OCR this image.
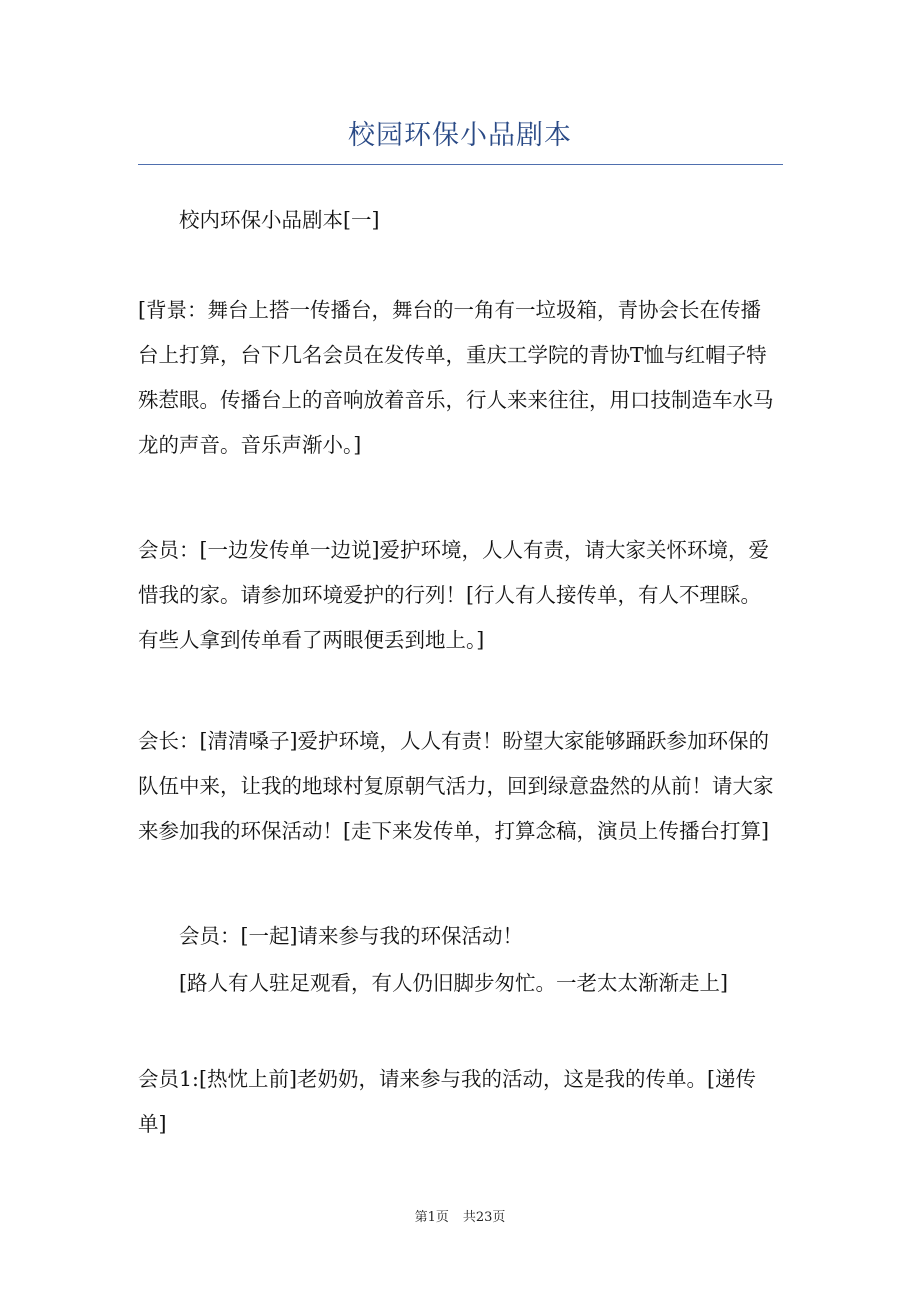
校园环保小品剧本

校内环保小品剧本[一]

[背景：舞台上搭一传播台，舞台的一角有一垃圾箱，青协会长在传播台上打算，台下几名会员在发传单，重庆工学院的青协T恤与红帽子特殊惹眼。传播台上的音响放着音乐，行人来来往往，用口技制造车水马龙的声音。音乐声渐小。]

会员：[一边发传单一边说]爱护环境，人人有责，请大家关怀环境，爱惜我的家。请参加环境爱护的行列！[行人有人接传单，有人不理睬。有些人拿到传单看了两眼便丢到地上。]

会长：[清清嗓子]爱护环境，人人有责！盼望大家能够踊跃参加环保的队伍中来，让我的地球村复原朝气活力，回到绿意盎然的从前！请大家来参加我的环保活动！[走下来发传单，打算念稿，演员上传播台打算]

会员：[一起]请来参与我的环保活动！

[路人有人驻足观看，有人仍旧脚步匆忙。一老太太渐渐走上]

会员1:[热忱上前]老奶奶，请来参与我的活动，这是我的传单。[递传单]

第1页 共23页
